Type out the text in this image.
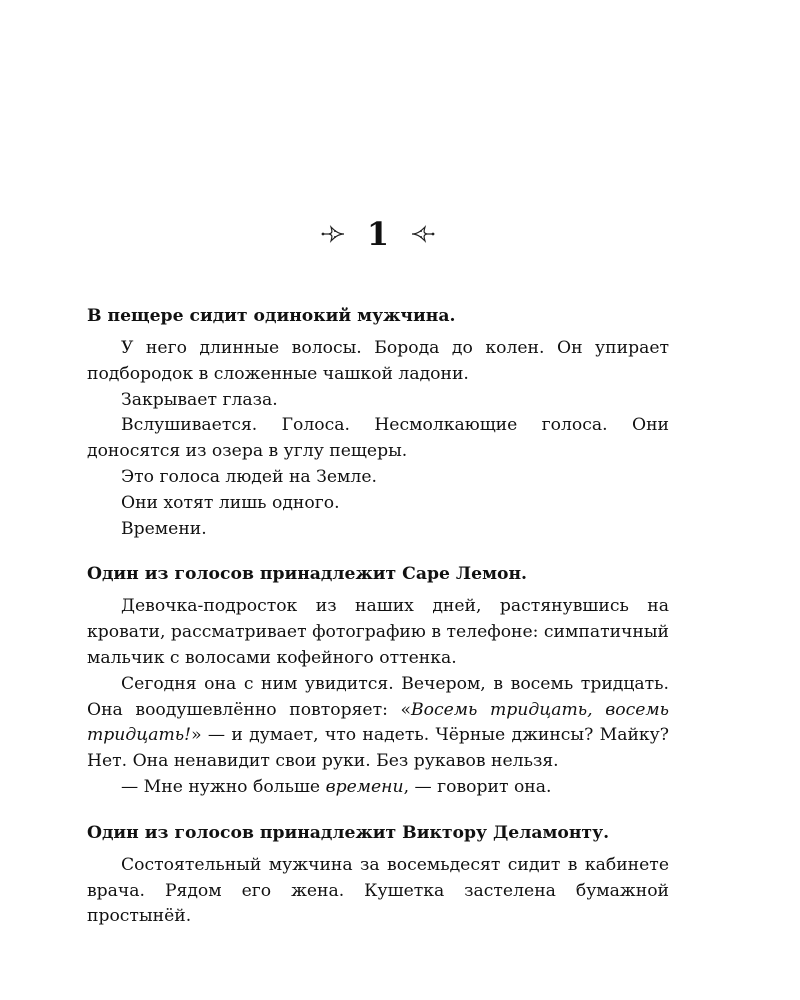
1
В пещере сидит одинокий мужчина.

У него длинные волосы. Борода до колен. Он упирает подбородок в сложенные чашкой ладони.

Закрывает глаза.

Вслушивается. Голоса. Несмолкающие голоса. Они доносятся из озера в углу пещеры.

Это голоса людей на Земле.

Они хотят лишь одного.

Времени.

Один из голосов принадлежит Саре Лемон.

Девочка-подросток из наших дней, растянувшись на кровати, рассматривает фотографию в телефоне: симпатичный мальчик с волосами кофейного оттенка.

Сегодня она с ним увидится. Вечером, в восемь тридцать. Она воодушевлённо повторяет: «Восемь тридцать, восемь тридцать!» — и думает, что надеть. Чёрные джинсы? Майку? Нет. Она ненавидит свои руки. Без рукавов нельзя.

— Мне нужно больше времени, — говорит она.

Один из голосов принадлежит Виктору Деламонту.

Состоятельный мужчина за восемьдесят сидит в кабинете врача. Рядом его жена. Кушетка застелена бумажной простынёй.
